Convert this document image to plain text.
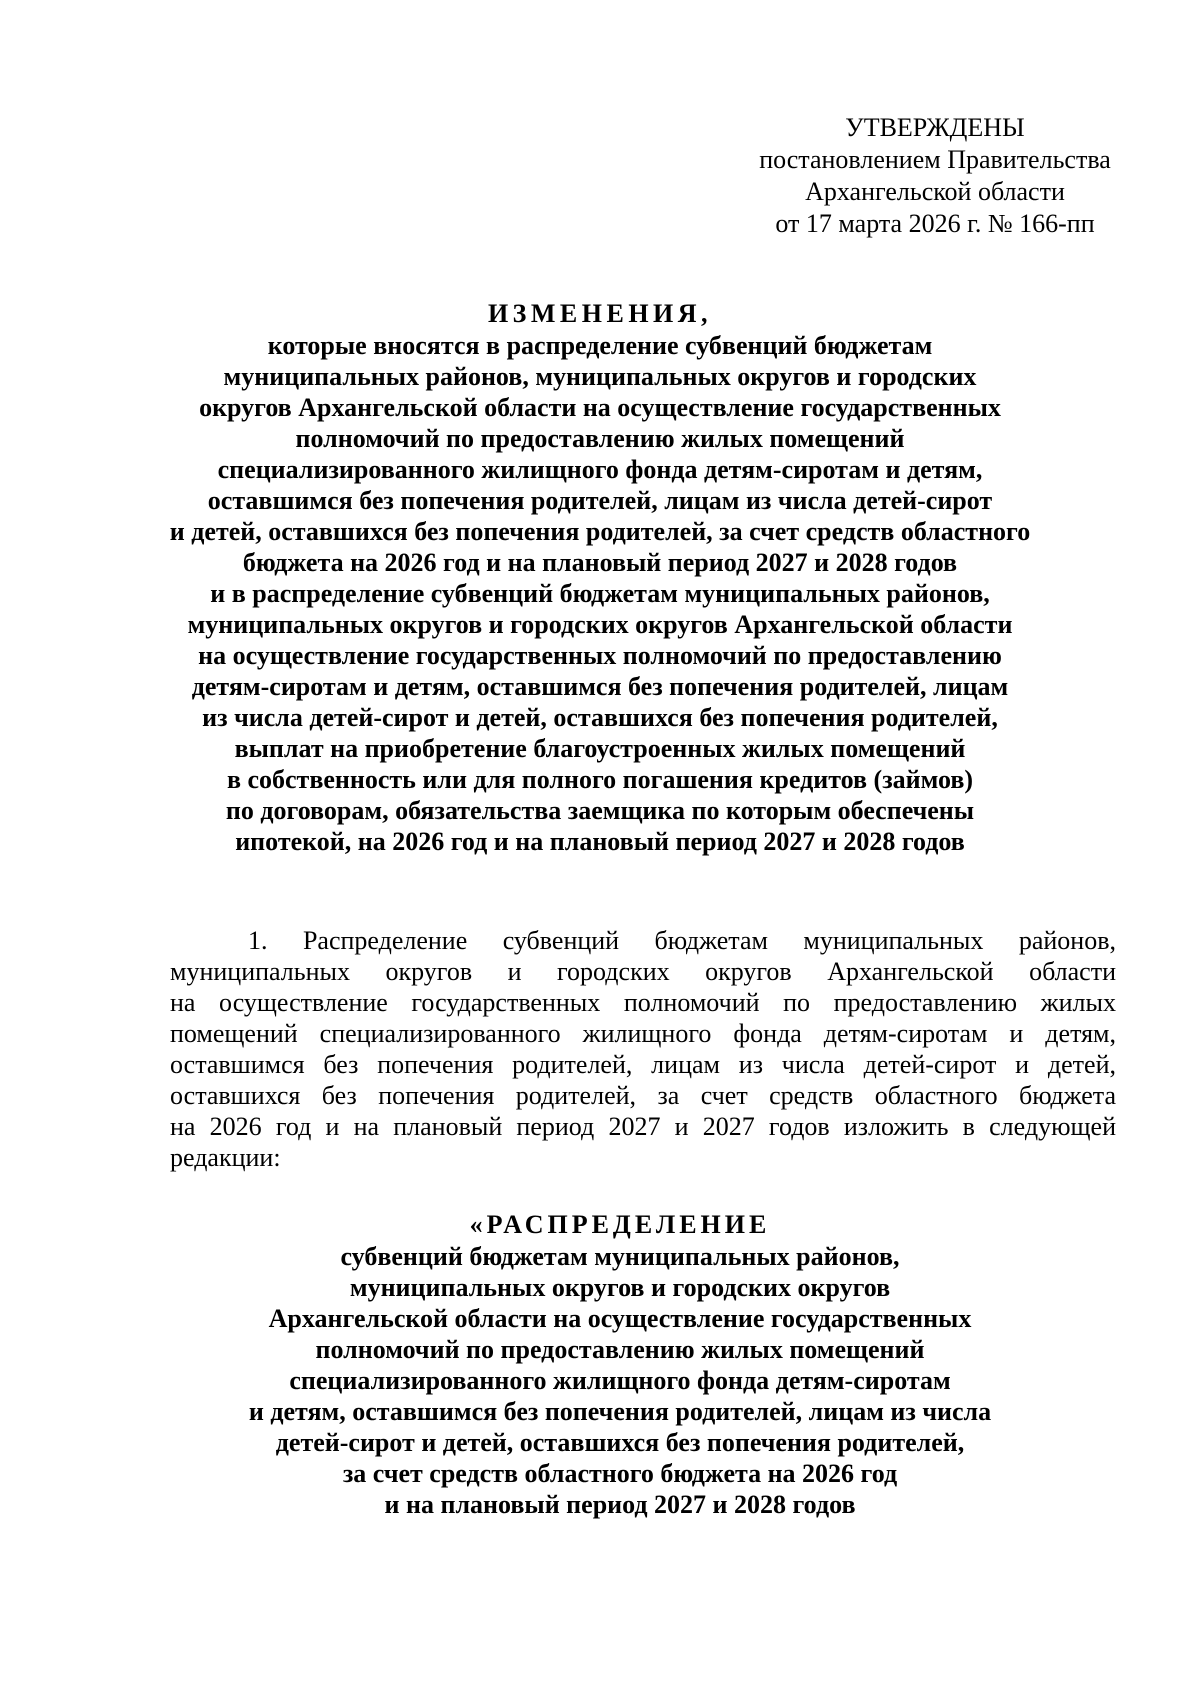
УТВЕРЖДЕНЫ
постановлением Правительства
Архангельской области
от 17 марта 2026 г. № 166-пп
ИЗМЕНЕНИЯ,
которые вносятся в распределение субвенций бюджетам
муниципальных районов, муниципальных округов и городских
округов Архангельской области на осуществление государственных
полномочий по предоставлению жилых помещений
специализированного жилищного фонда детям-сиротам и детям,
оставшимся без попечения родителей, лицам из числа детей-сирот
и детей, оставшихся без попечения родителей, за счет средств областного
бюджета на 2026 год и на плановый период 2027 и 2028 годов
и в распределение субвенций бюджетам муниципальных районов,
муниципальных округов и городских округов Архангельской области
на осуществление государственных полномочий по предоставлению
детям-сиротам и детям, оставшимся без попечения родителей, лицам
из числа детей-сирот и детей, оставшихся без попечения родителей,
выплат на приобретение благоустроенных жилых помещений
в собственность или для полного погашения кредитов (займов)
по договорам, обязательства заемщика по которым обеспечены
ипотекой, на 2026 год и на плановый период 2027 и 2028 годов
1. Распределение субвенций бюджетам муниципальных районов,
муниципальных округов и городских округов Архангельской области
на осуществление государственных полномочий по предоставлению жилых
помещений специализированного жилищного фонда детям-сиротам и детям,
оставшимся без попечения родителей, лицам из числа детей-сирот и детей,
оставшихся без попечения родителей, за счет средств областного бюджета
на 2026 год и на плановый период 2027 и 2027 годов изложить в следующей
редакции:
«РАСПРЕДЕЛЕНИЕ
субвенций бюджетам муниципальных районов,
муниципальных округов и городских округов
Архангельской области на осуществление государственных
полномочий по предоставлению жилых помещений
специализированного жилищного фонда детям-сиротам
и детям, оставшимся без попечения родителей, лицам из числа
детей-сирот и детей, оставшихся без попечения родителей,
за счет средств областного бюджета на 2026 год
и на плановый период 2027 и 2028 годов
